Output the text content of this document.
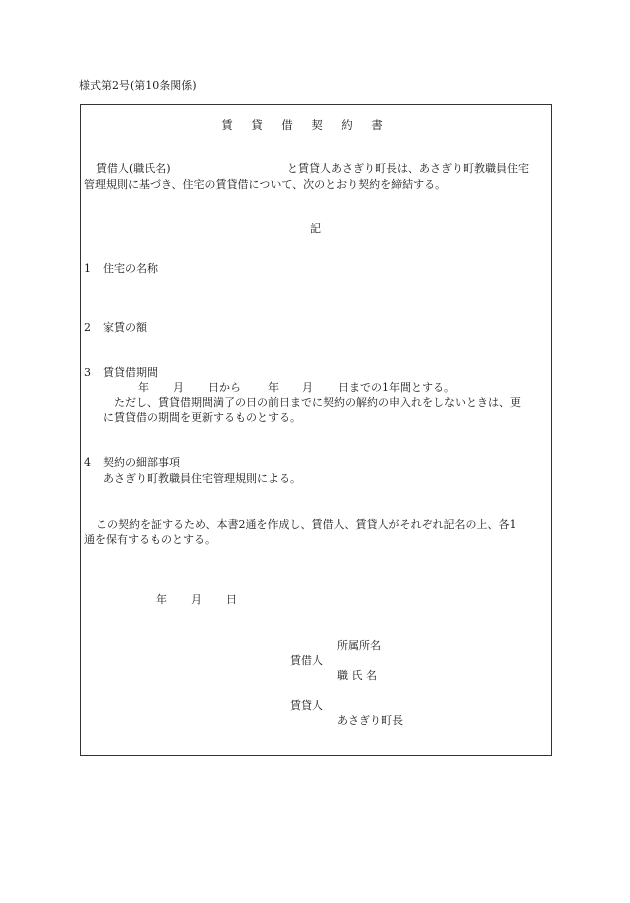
様式第2号(第10条関係)
賃 貸 借 契 約 書
賃借人(職氏名)	と賃貸人あさぎり町長は、あさぎり町教職員住宅
管理規則に基づき、住宅の賃貸借について、次のとおり契約を締結する。
記
1 住宅の名称
2 家賃の額
3 賃貸借期間
年 月 日から 年 月 日までの1年間とする。
ただし、賃貸借期間満了の日の前日までに契約の解約の申入れをしないときは、更
に賃貸借の期間を更新するものとする。
4 契約の細部事項
あさぎり町教職員住宅管理規則による。
この契約を証するため、本書2通を作成し、賃借人、賃貸人がそれぞれ記名の上、各1
通を保有するものとする。
年 月 日
所属所名
賃借人
職 氏 名
賃貸人
あさぎり町長
